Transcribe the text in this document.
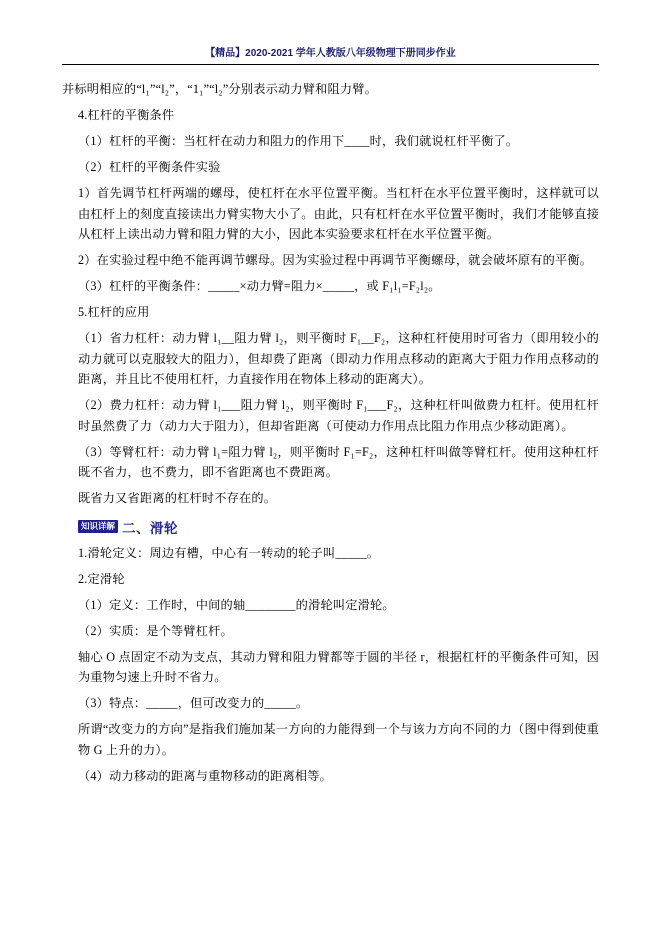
【精品】2020-2021 学年人教版八年级物理下册同步作业

并标明相应的“l₁”“l₂”，“1₁”“l₂”分别表示动力臂和阻力臂。

4.杠杆的平衡条件

（1）杠杆的平衡：当杠杆在动力和阻力的作用下____时，我们就说杠杆平衡了。

（2）杠杆的平衡条件实验

1）首先调节杠杆两端的螺母，使杠杆在水平位置平衡。当杠杆在水平位置平衡时，这样就可以由杠杆上的刻度直接读出力臂实物大小了。由此，只有杠杆在水平位置平衡时，我们才能够直接从杠杆上读出动力臂和阻力臂的大小，因此本实验要求杠杆在水平位置平衡。

2）在实验过程中绝不能再调节螺母。因为实验过程中再调节平衡螺母，就会破坏原有的平衡。

（3）杠杆的平衡条件：_____×动力臂=阻力×_____，或 F₁l₁=F₂l₂。

5.杠杆的应用

（1）省力杠杆：动力臂 l₁__阻力臂 l₂，则平衡时 F₁__F₂，这种杠杆使用时可省力（即用较小的动力就可以克服较大的阻力），但却费了距离（即动力作用点移动的距离大于阻力作用点移动的距离，并且比不使用杠杆，力直接作用在物体上移动的距离大）。

（2）费力杠杆：动力臂 l₁___阻力臂 l₂，则平衡时 F₁___F₂，这种杠杆叫做费力杠杆。使用杠杆时虽然费了力（动力大于阻力），但却省距离（可使动力作用点比阻力作用点少移动距离）。

（3）等臂杠杆：动力臂 l₁=阻力臂 l₂，则平衡时 F₁=F₂，这种杠杆叫做等臂杠杆。使用这种杠杆既不省力，也不费力，即不省距离也不费距离。

既省力又省距离的杠杆时不存在的。

知识详解 二、滑轮

1.滑轮定义：周边有槽，中心有一转动的轮子叫_____。

2.定滑轮

（1）定义：工作时，中间的轴________的滑轮叫定滑轮。

（2）实质：是个等臂杠杆。

轴心 O 点固定不动为支点，其动力臂和阻力臂都等于圆的半径 r，根据杠杆的平衡条件可知，因为重物匀速上升时不省力。

（3）特点：_____，但可改变力的_____。

所谓“改变力的方向”是指我们施加某一方向的力能得到一个与该力方向不同的力（图中得到使重物 G 上升的力）。

（4）动力移动的距离与重物移动的距离相等。
